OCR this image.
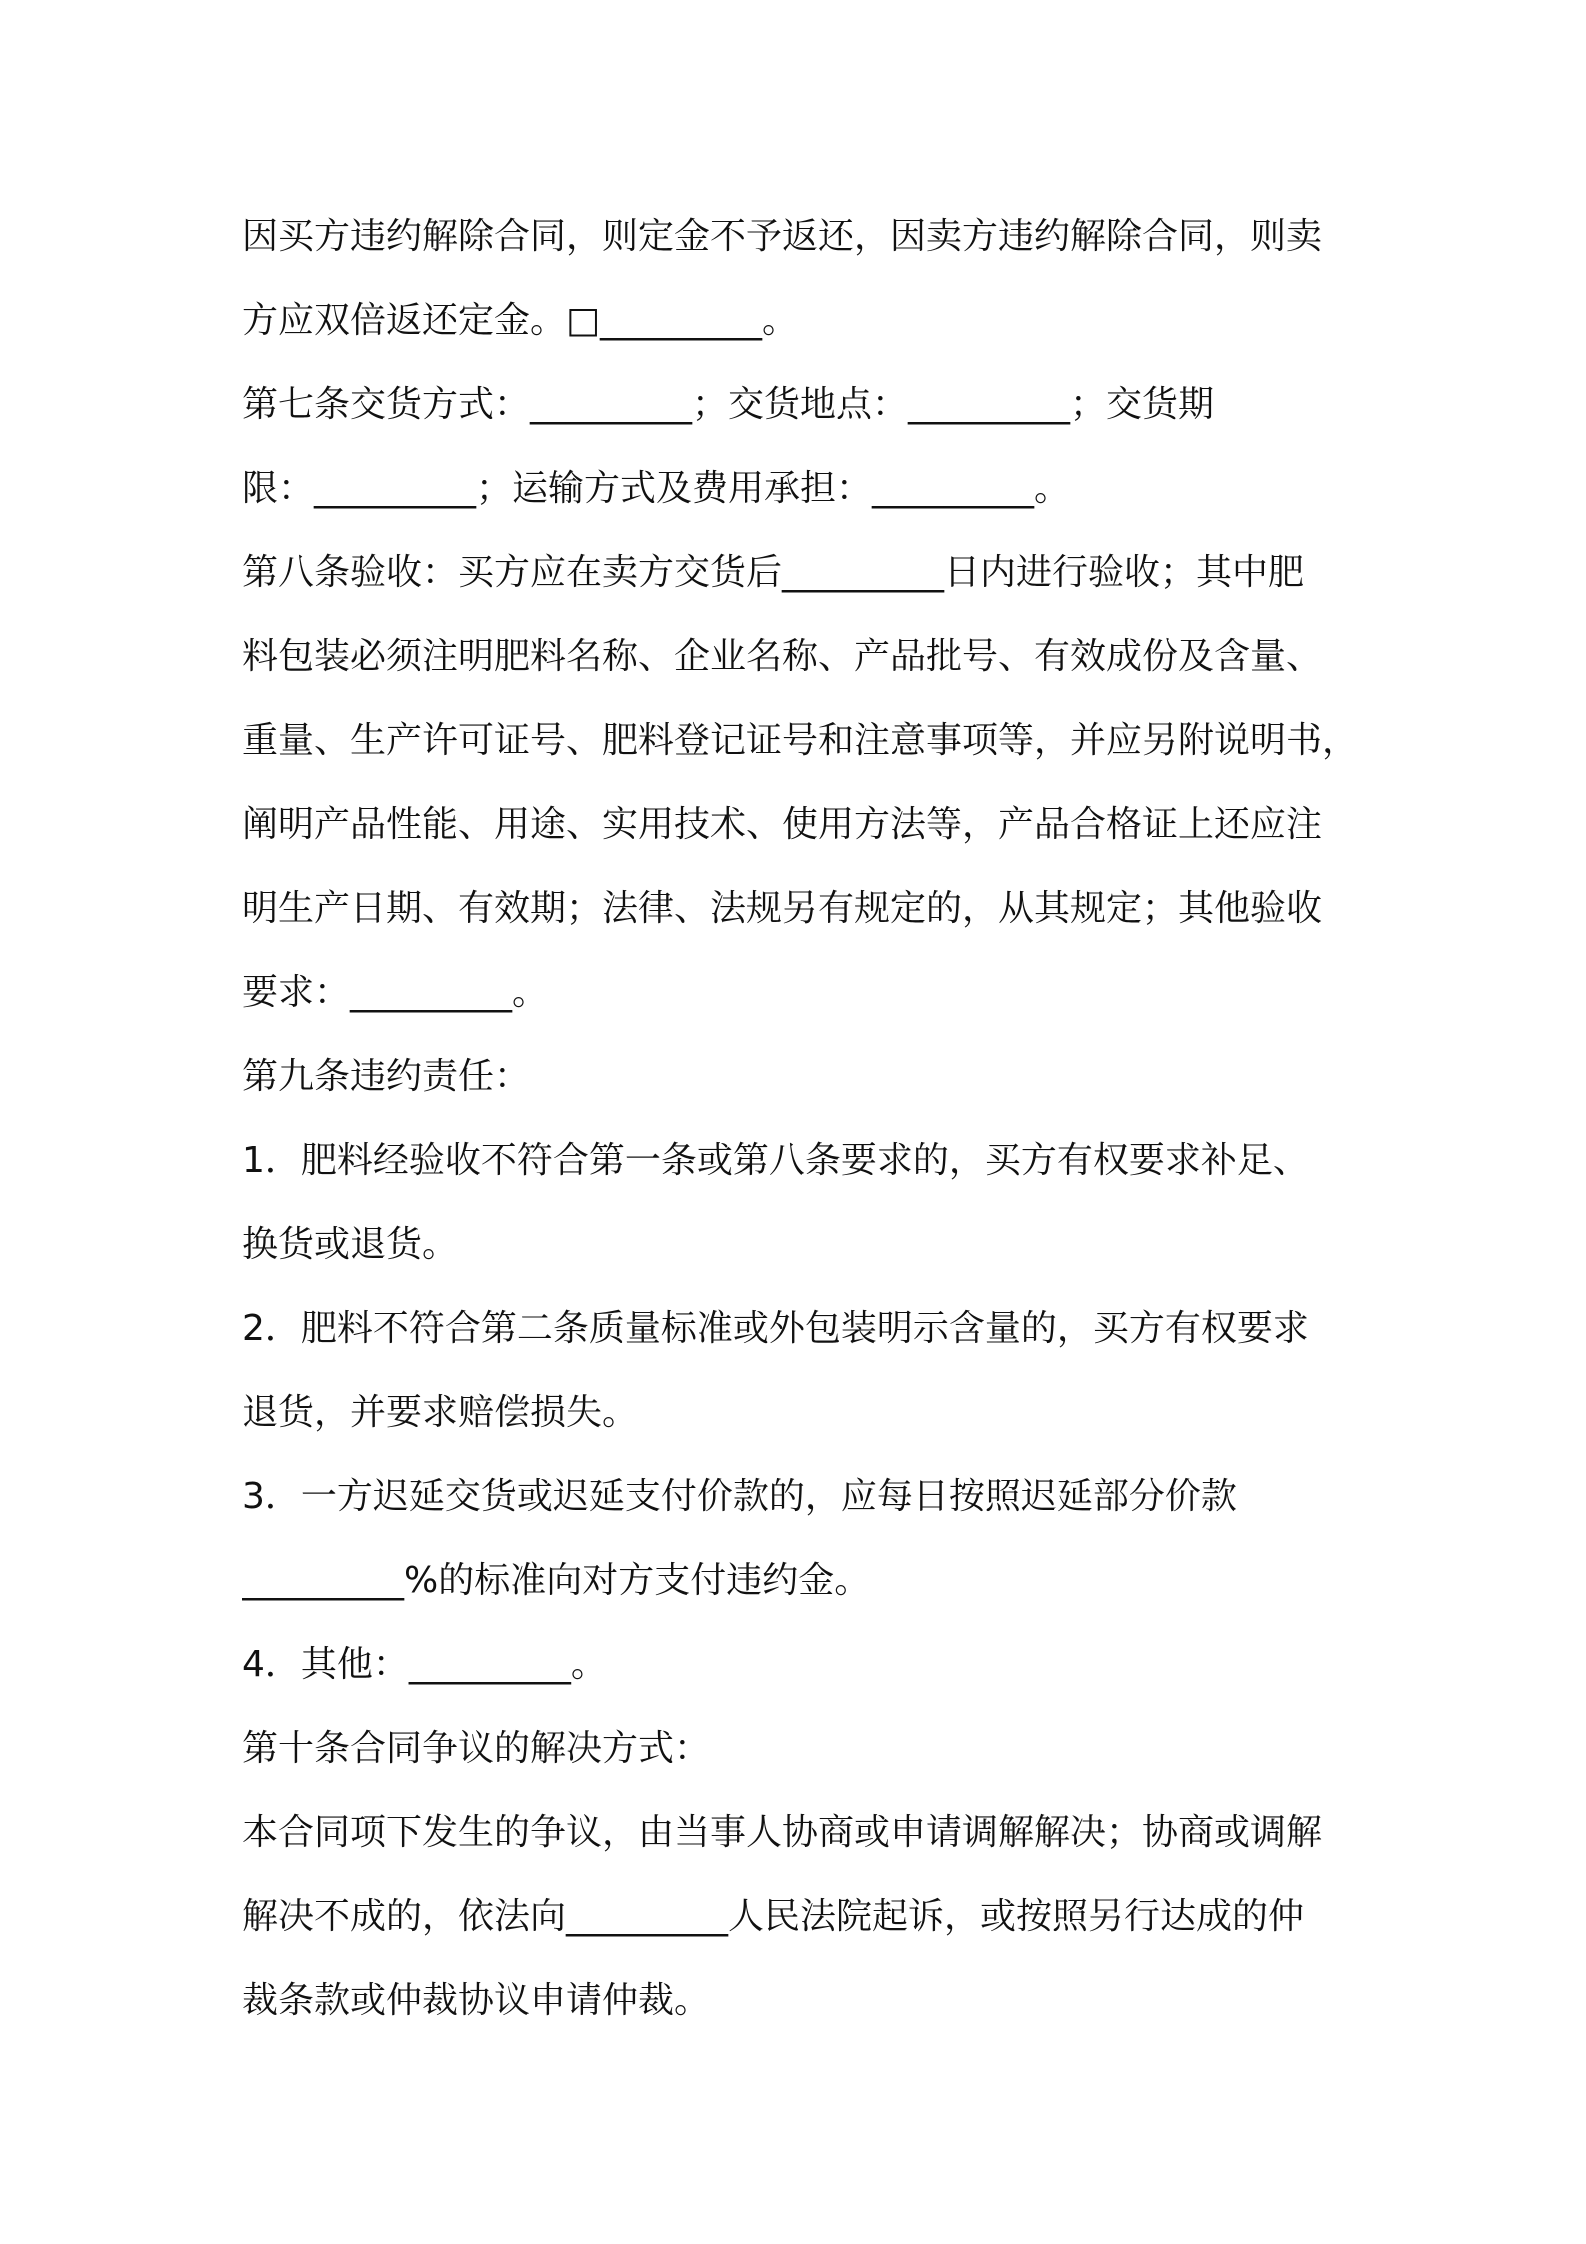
因买方违约解除合同，则定金不予返还，因卖方违约解除合同，则卖
方应双倍返还定金。□_________。
第七条交货方式：_________；交货地点：_________；交货期
限：_________；运输方式及费用承担：_________。
第八条验收：买方应在卖方交货后_________日内进行验收；其中肥
料包装必须注明肥料名称、企业名称、产品批号、有效成份及含量、
重量、生产许可证号、肥料登记证号和注意事项等，并应另附说明书，
阐明产品性能、用途、实用技术、使用方法等，产品合格证上还应注
明生产日期、有效期；法律、法规另有规定的，从其规定；其他验收
要求：_________。
第九条违约责任：
1．肥料经验收不符合第一条或第八条要求的，买方有权要求补足、
换货或退货。
2．肥料不符合第二条质量标准或外包装明示含量的，买方有权要求
退货，并要求赔偿损失。
3．一方迟延交货或迟延支付价款的，应每日按照迟延部分价款
_________%的标准向对方支付违约金。
4．其他：_________。
第十条合同争议的解决方式：
本合同项下发生的争议，由当事人协商或申请调解解决；协商或调解
解决不成的，依法向_________人民法院起诉，或按照另行达成的仲
裁条款或仲裁协议申请仲裁。
